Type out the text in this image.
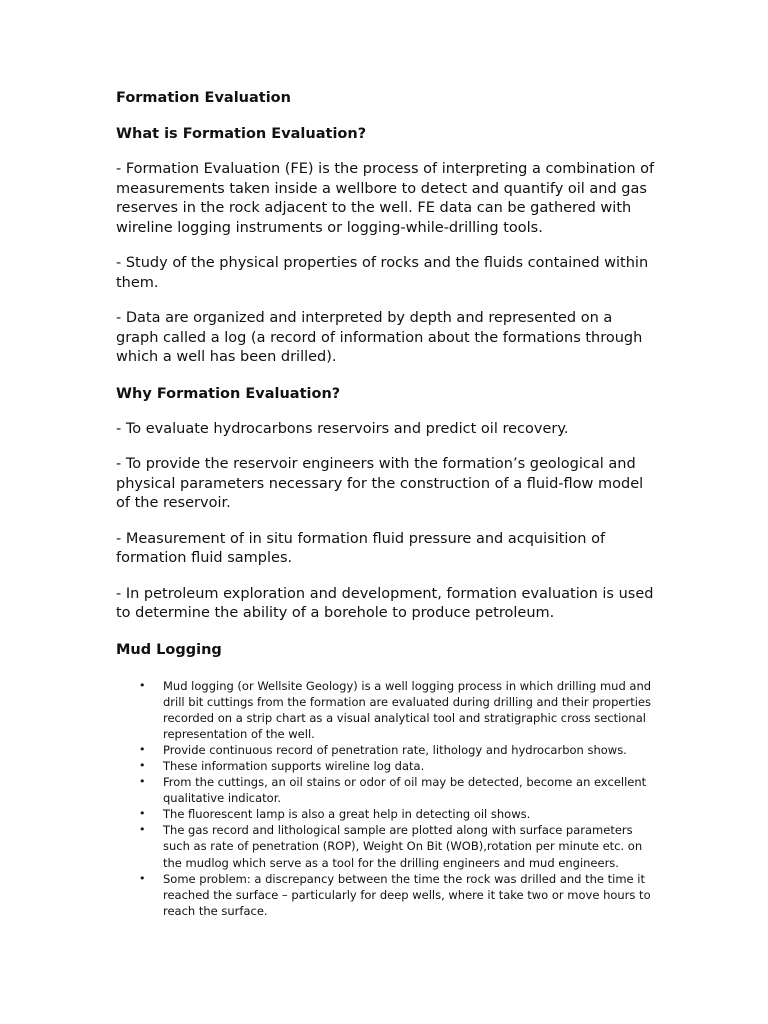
Formation Evaluation
What is Formation Evaluation?

- Formation Evaluation (FE) is the process of interpreting a combination of measurements taken inside a wellbore to detect and quantify oil and gas reserves in the rock adjacent to the well. FE data can be gathered with wireline logging instruments or logging-while-drilling tools.

- Study of the physical properties of rocks and the fluids contained within them.

- Data are organized and interpreted by depth and represented on a graph called a log (a record of information about the formations through which a well has been drilled).

Why Formation Evaluation?

- To evaluate hydrocarbons reservoirs and predict oil recovery.

- To provide the reservoir engineers with the formation’s geological and physical parameters necessary for the construction of a fluid-flow model of the reservoir.

- Measurement of in situ formation fluid pressure and acquisition of formation fluid samples.

- In petroleum exploration and development, formation evaluation is used to determine the ability of a borehole to produce petroleum.

Mud Logging
• Mud logging (or Wellsite Geology) is a well logging process in which drilling mud and drill bit cuttings from the formation are evaluated during drilling and their properties recorded on a strip chart as a visual analytical tool and stratigraphic cross sectional representation of the well.
• Provide continuous record of penetration rate, lithology and hydrocarbon shows.
• These information supports wireline log data.
• From the cuttings, an oil stains or odor of oil may be detected, become an excellent qualitative indicator.
• The fluorescent lamp is also a great help in detecting oil shows.
• The gas record and lithological sample are plotted along with surface parameters such as rate of penetration (ROP), Weight On Bit (WOB),rotation per minute etc. on the mudlog which serve as a tool for the drilling engineers and mud engineers.
• Some problem: a discrepancy between the time the rock was drilled and the time it reached the surface – particularly for deep wells, where it take two or move hours to reach the surface.
